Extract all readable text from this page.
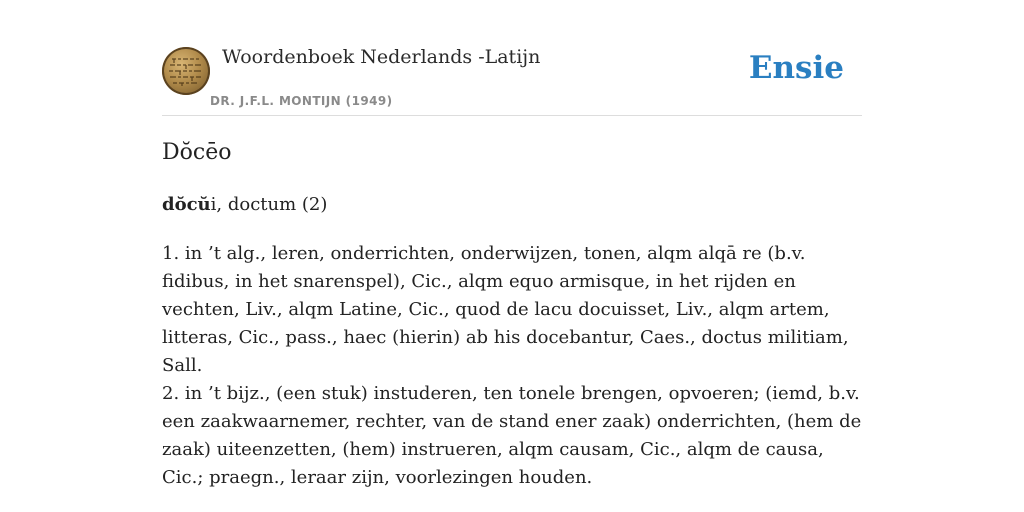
Woordenboek Nederlands -Latijn
DR. J.F.L. MONTIJN (1949)
Ensie
Dŏcēo
dŏcŭi, doctum (2)

1. in ’t alg., leren, onderrichten, onderwijzen, tonen, alqm alqā re (b.v. fidibus, in het snarenspel), Cic., alqm equo armisque, in het rijden en vechten, Liv., alqm Latine, Cic., quod de lacu docuisset, Liv., alqm artem, litteras, Cic., pass., haec (hierin) ab his docebantur, Caes., doctus militiam, Sall.

2. in ’t bijz., (een stuk) instuderen, ten tonele brengen, opvoeren; (iemd, b.v. een zaakwaarnemer, rechter, van de stand ener zaak) onderrichten, (hem de zaak) uiteenzetten, (hem) instrueren, alqm causam, Cic., alqm de causa, Cic.; praegn., leraar zijn, voorlezingen houden.
